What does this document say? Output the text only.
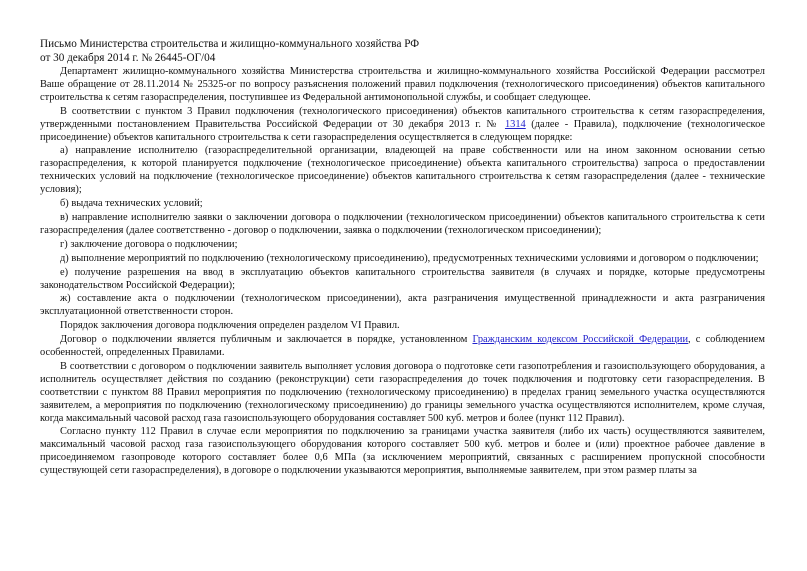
Письмо Министерства строительства и жилищно-коммунального хозяйства РФ
от 30 декабря 2014 г. № 26445-ОГ/04

Департамент жилищно-коммунального хозяйства Министерства строительства и жилищно-коммунального хозяйства Российской Федерации рассмотрел Ваше обращение от 28.11.2014 № 25325-ог по вопросу разъяснения положений правил подключения (технологического присоединения) объектов капитального строительства к сетям газораспределения, поступившее из Федеральной антимонопольной службы, и сообщает следующее.

В соответствии с пунктом 3 Правил подключения (технологического присоединения) объектов капитального строительства к сетям газораспределения, утвержденными постановлением Правительства Российской Федерации от 30 декабря 2013 г. № 1314 (далее - Правила), подключение (технологическое присоединение) объектов капитального строительства к сети газораспределения осуществляется в следующем порядке:

а) направление исполнителю (газораспределительной организации, владеющей на праве собственности или на ином законном основании сетью газораспределения, к которой планируется подключение (технологическое присоединение) объекта капитального строительства) запроса о предоставлении технических условий на подключение (технологическое присоединение) объектов капитального строительства к сетям газораспределения (далее - технические условия);

б) выдача технических условий;

в) направление исполнителю заявки о заключении договора о подключении (технологическом присоединении) объектов капитального строительства к сети газораспределения (далее соответственно - договор о подключении, заявка о подключении (технологическом присоединении);

г) заключение договора о подключении;

д) выполнение мероприятий по подключению (технологическому присоединению), предусмотренных техническими условиями и договором о подключении;

е) получение разрешения на ввод в эксплуатацию объектов капитального строительства заявителя (в случаях и порядке, которые предусмотрены законодательством Российской Федерации);

ж) составление акта о подключении (технологическом присоединении), акта разграничения имущественной принадлежности и акта разграничения эксплуатационной ответственности сторон.

Порядок заключения договора подключения определен разделом VI Правил.

Договор о подключении является публичным и заключается в порядке, установленном Гражданским кодексом Российской Федерации, с соблюдением особенностей, определенных Правилами.

В соответствии с договором о подключении заявитель выполняет условия договора о подготовке сети газопотребления и газоиспользующего оборудования, а исполнитель осуществляет действия по созданию (реконструкции) сети газораспределения до точек подключения и подготовку сети газораспределения. В соответствии с пунктом 88 Правил мероприятия по подключению (технологическому присоединению) в пределах границ земельного участка осуществляются заявителем, а мероприятия по подключению (технологическому присоединению) до границы земельного участка осуществляются исполнителем, кроме случая, когда максимальный часовой расход газа газоиспользующего оборудования составляет 500 куб. метров и более (пункт 112 Правил).

Согласно пункту 112 Правил в случае если мероприятия по подключению за границами участка заявителя (либо их часть) осуществляются заявителем, максимальный часовой расход газа газоиспользующего оборудования которого составляет 500 куб. метров и более и (или) проектное рабочее давление в присоединяемом газопроводе которого составляет более 0,6 МПа (за исключением мероприятий, связанных с расширением пропускной способности существующей сети газораспределения), в договоре о подключении указываются мероприятия, выполняемые заявителем, при этом размер платы за
